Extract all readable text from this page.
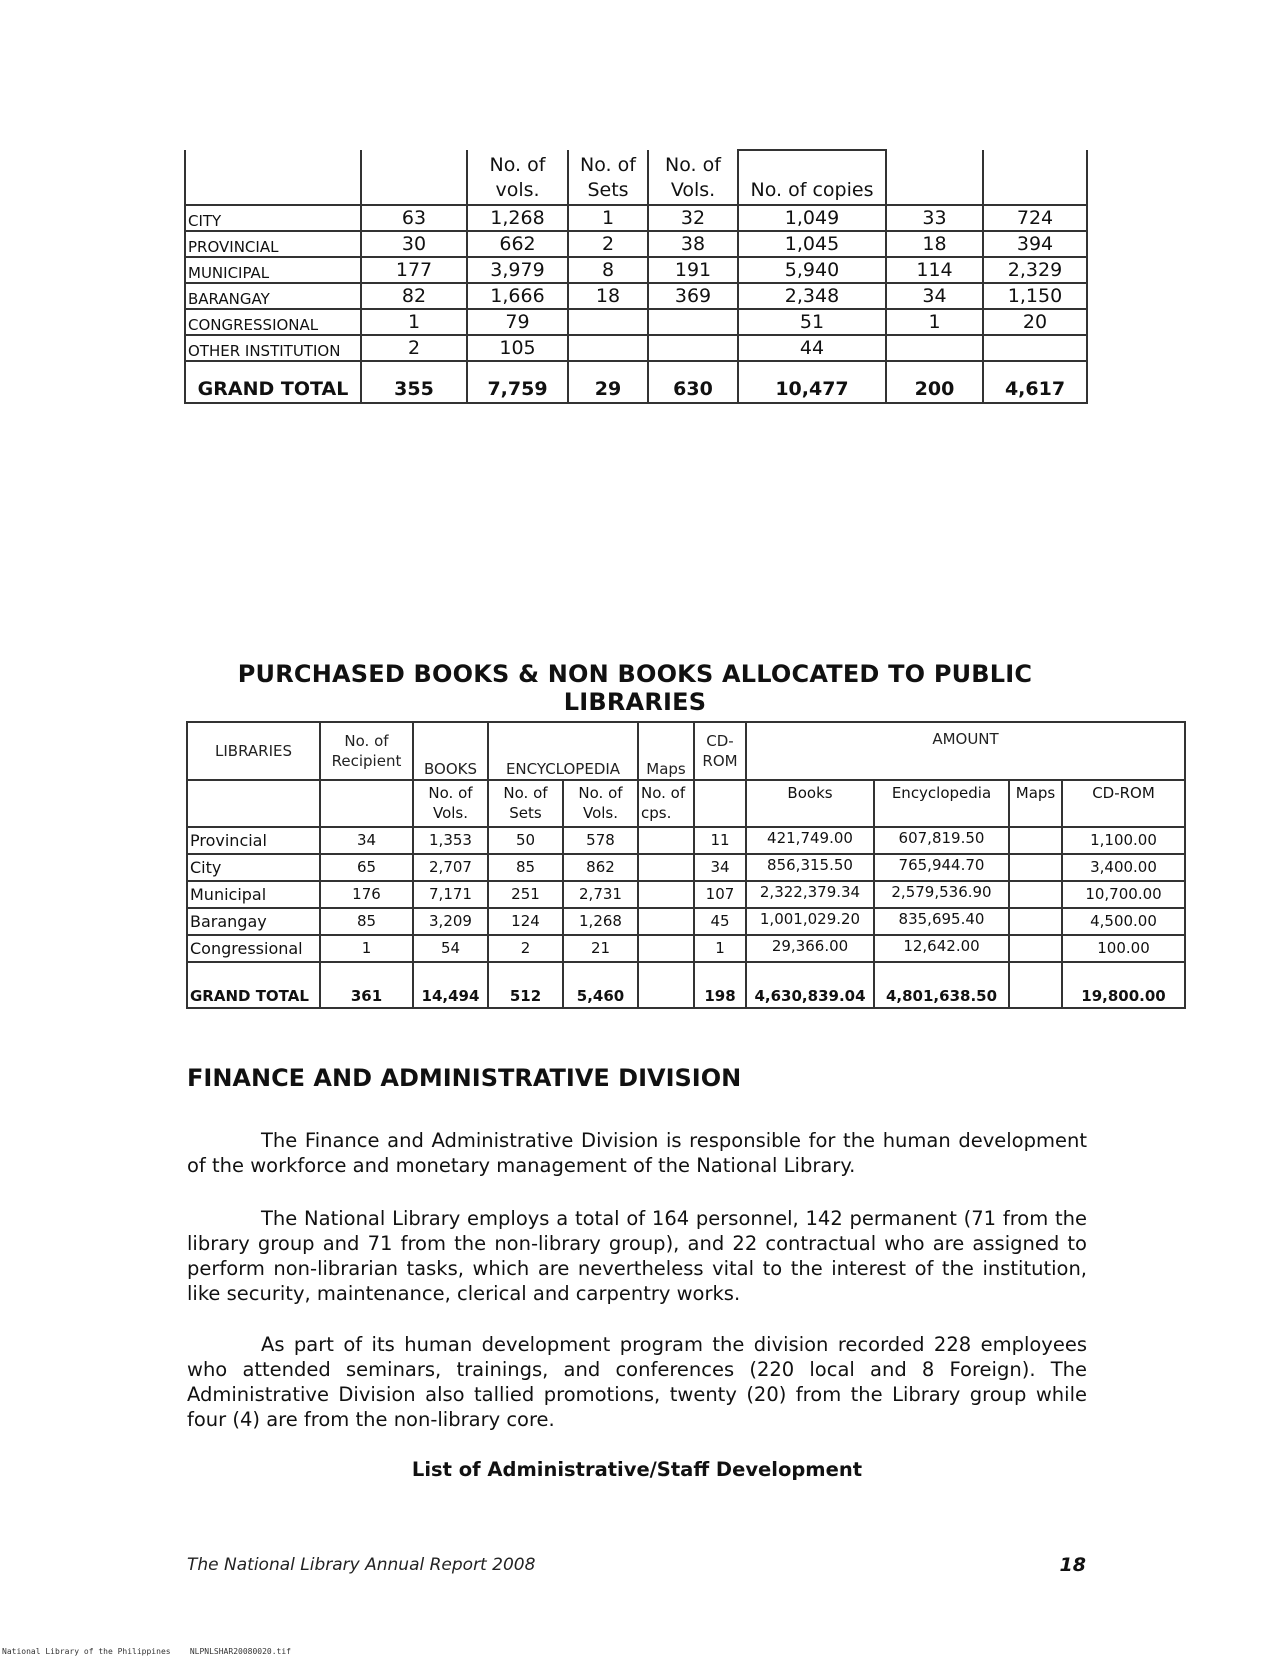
		No. of vols.	No. of Sets	No. of Vols.	No. of copies		
CITY	63	1,268	1	32	1,049	33	724
PROVINCIAL	30	662	2	38	1,045	18	394
MUNICIPAL	177	3,979	8	191	5,940	114	2,329
BARANGAY	82	1,666	18	369	2,348	34	1,150
CONGRESSIONAL	1	79			51	1	20
OTHER INSTITUTION	2	105			44		
GRAND TOTAL	355	7,759	29	630	10,477	200	4,617
PURCHASED BOOKS & NON BOOKS ALLOCATED TO PUBLIC LIBRARIES
LIBRARIES	No. of Recipient	BOOKS	ENCYCLOPEDIA		Maps	CD-ROM	AMOUNT			
		No. of Vols.	No. of Sets	No. of Vols.	No. of cps.		Books	Encyclopedia	Maps	CD-ROM
Provincial	34	1,353	50	578		11	421,749.00	607,819.50		1,100.00
City	65	2,707	85	862		34	856,315.50	765,944.70		3,400.00
Municipal	176	7,171	251	2,731		107	2,322,379.34	2,579,536.90		10,700.00
Barangay	85	3,209	124	1,268		45	1,001,029.20	835,695.40		4,500.00
Congressional	1	54	2	21		1	29,366.00	12,642.00		100.00
GRAND TOTAL	361	14,494	512	5,460		198	4,630,839.04	4,801,638.50		19,800.00
FINANCE AND ADMINISTRATIVE DIVISION

The Finance and Administrative Division is responsible for the human development of the workforce and monetary management of the National Library.

The National Library employs a total of 164 personnel, 142 permanent (71 from the library group and 71 from the non-library group), and 22 contractual who are assigned to perform non-librarian tasks, which are nevertheless vital to the interest of the institution, like security, maintenance, clerical and carpentry works.

As part of its human development program the division recorded 228 employees who attended seminars, trainings, and conferences (220 local and 8 Foreign). The Administrative Division also tallied promotions, twenty (20) from the Library group while four (4) are from the non-library core.

List of Administrative/Staff Development
The National Library Annual Report 2008	18
National Library of the Philippines    NLPNLSHAR20080020.tif
